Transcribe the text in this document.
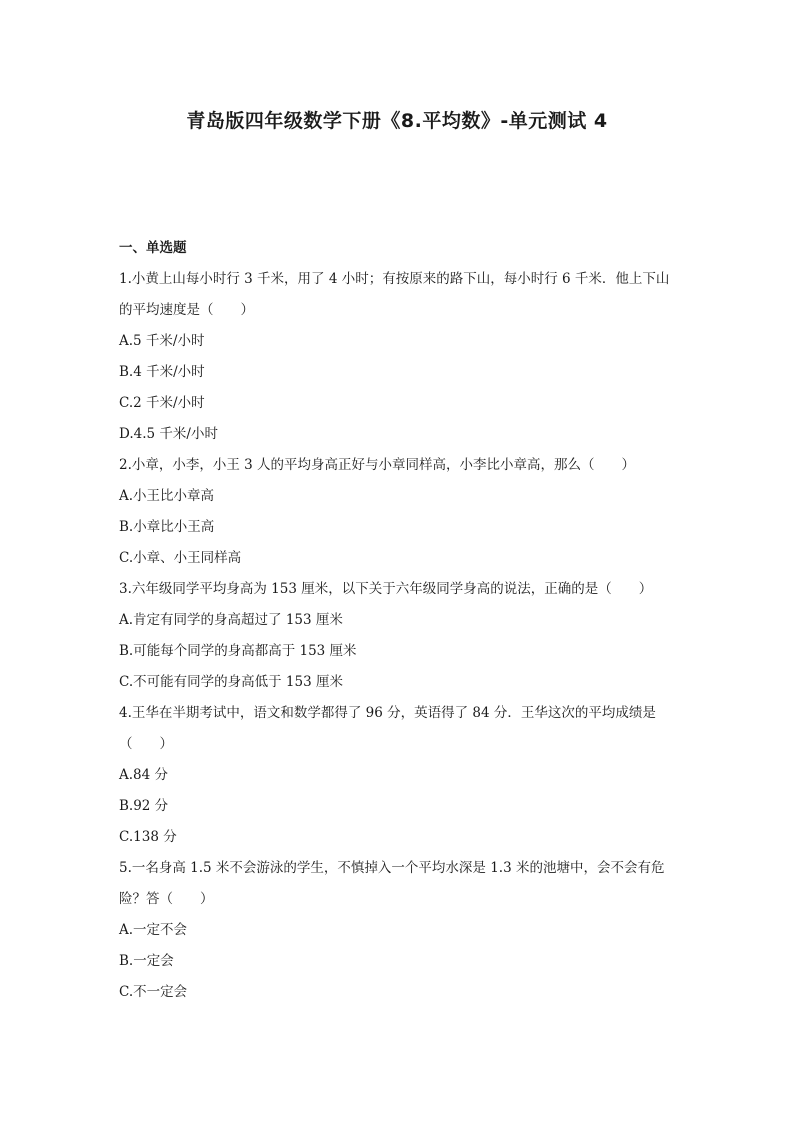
青岛版四年级数学下册《8.平均数》-单元测试 4
一、单选题
1.小黄上山每小时行 3 千米，用了 4 小时；有按原来的路下山，每小时行 6 千米．他上下山
的平均速度是（　　）
A.5 千米/小时
B.4 千米/小时
C.2 千米/小时
D.4.5 千米/小时
2.小章，小李，小王 3 人的平均身高正好与小章同样高，小李比小章高，那么（　　）
A.小王比小章高
B.小章比小王高
C.小章、小王同样高
3.六年级同学平均身高为 153 厘米，以下关于六年级同学身高的说法，正确的是（　　）
A.肯定有同学的身高超过了 153 厘米
B.可能每个同学的身高都高于 153 厘米
C.不可能有同学的身高低于 153 厘米
4.王华在半期考试中，语文和数学都得了 96 分，英语得了 84 分．王华这次的平均成绩是
（　　）
A.84 分
B.92 分
C.138 分
5.一名身高 1.5 米不会游泳的学生，不慎掉入一个平均水深是 1.3 米的池塘中，会不会有危
险？答（　　）
A.一定不会
B.一定会
C.不一定会
